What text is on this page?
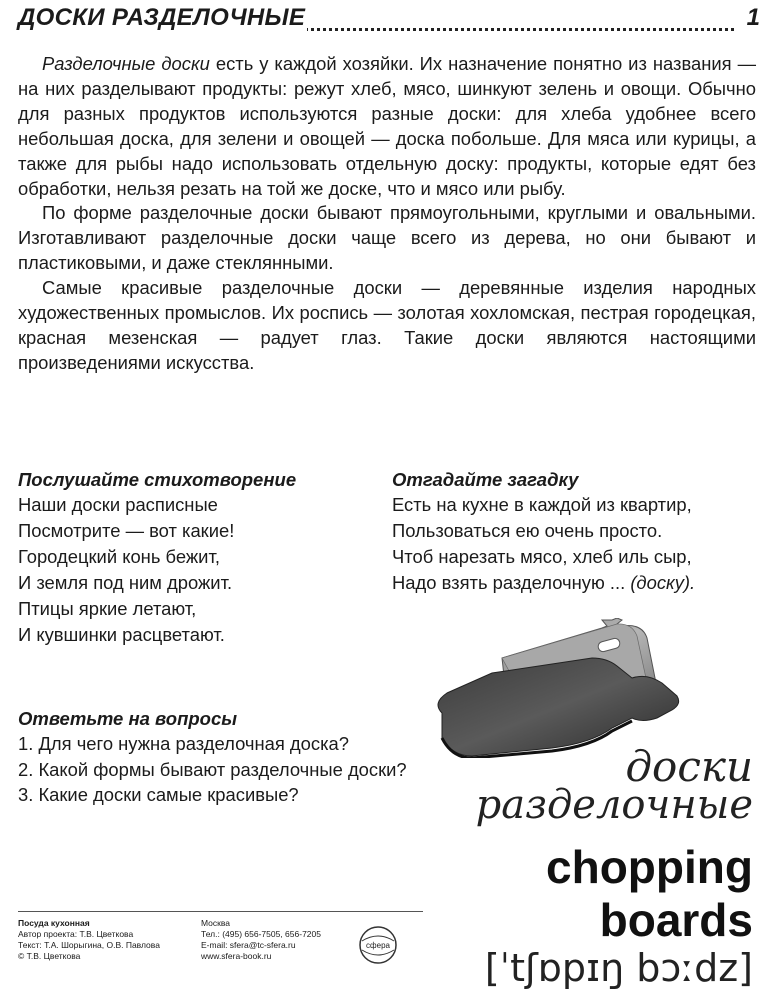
ДОСКИ РАЗДЕЛОЧНЫЕ	1

Разделочные доски есть у каждой хозяйки. Их назначение понятно из названия — на них разделывают продукты: режут хлеб, мясо, шинкуют зелень и овощи. Обычно для разных продуктов используются разные доски: для хлеба удобнее всего небольшая доска, для зелени и овощей — доска побольше. Для мяса или курицы, а также для рыбы надо использовать отдельную доску: продукты, которые едят без обработки, нельзя резать на той же доске, что и мясо или рыбу.

По форме разделочные доски бывают прямоугольными, круглыми и овальными. Изготавливают разделочные доски чаще всего из дерева, но они бывают и пластиковыми, и даже стеклянными.

Самые красивые разделочные доски — деревянные изделия народных художественных промыслов. Их роспись — золотая хохломская, пестрая городецкая, красная мезенская — радует глаз. Такие доски являются настоящими произведениями искусства.

Послушайте стихотворение
Наши доски расписные
Посмотрите — вот какие!
Городецкий конь бежит,
И земля под ним дрожит.
Птицы яркие летают,
И кувшинки расцветают.
Отгадайте загадку
Есть на кухне в каждой из квартир,
Пользоваться ею очень просто.
Чтоб нарезать мясо, хлеб иль сыр,
Надо взять разделочную ... (доску).
Ответьте на вопросы
1. Для чего нужна разделочная доска?
2. Какой формы бывают разделочные доски?
3. Какие доски самые красивые?
доски
разделочные
chopping
boards
[ˈtʃɒpɪŋ bɔːdz]
Посуда кухонная
Автор проекта: Т.В. Цветкова
Текст: Т.А. Шорыгина, О.В. Павлова
© Т.В. Цветкова
Москва
Тел.: (495) 656-7505, 656-7205
E-mail: sfera@tc-sfera.ru
www.sfera-book.ru
сфера
